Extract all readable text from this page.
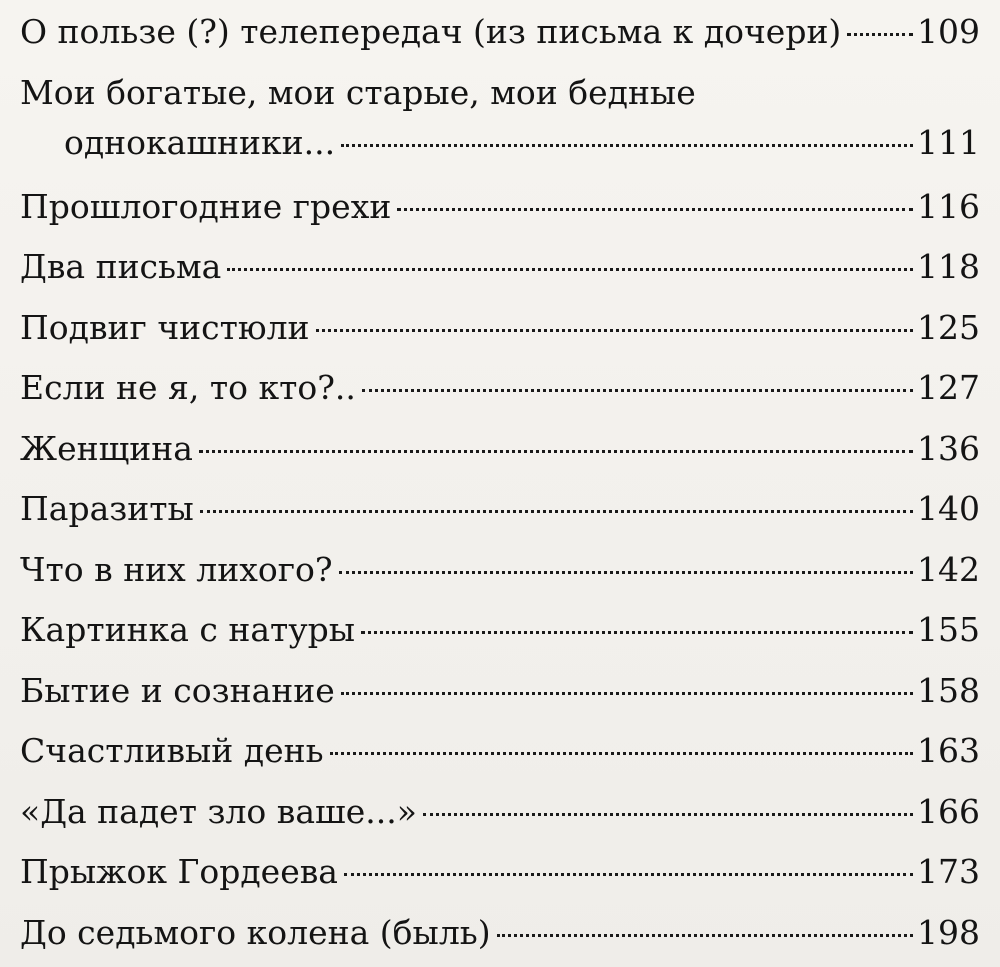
О пользе (?) телепередач (из письма к дочери) 109
Мои богатые, мои старые, мои бедные
однокашники...	111
Прошлогодние грехи	116
Два письма	118
Подвиг чистюли	125
Если не я, то кто?..	127
Женщина	136
Паразиты	140
Что в них лихого?	142
Картинка с натуры	155
Бытие и сознание	158
Счастливый день	163
«Да падет зло ваше...»	166
Прыжок Гордеева	173
До седьмого колена (быль)	198
